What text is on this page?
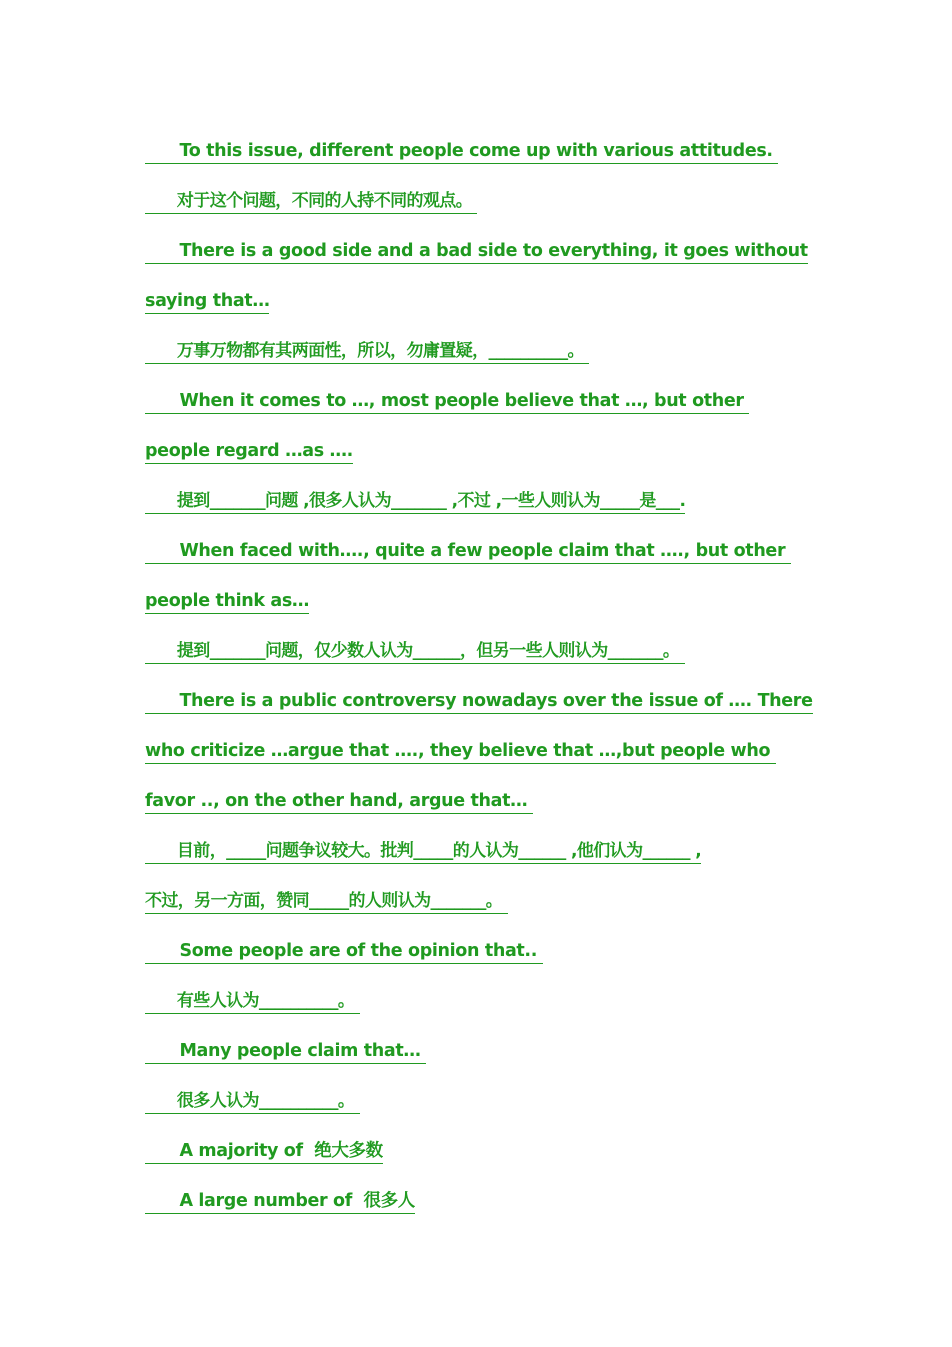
To this issue, different people come up with various attitudes.
对于这个问题，不同的人持不同的观点。
There is a good side and a bad side to everything, it goes without
saying that…
万事万物都有其两面性，所以，勿庸置疑，__________。
When it comes to …, most people believe that …, but other
people regard …as ….
提到_______问题 ,很多人认为_______ ,不过 ,一些人则认为_____是___.
When faced with…., quite a few people claim that …., but other
people think as…
提到_______问题，仅少数人认为______，但另一些人则认为_______。
There is a public controversy nowadays over the issue of …. There
who criticize …argue that …., they believe that …,but people who
favor .., on the other hand, argue that…
目前，_____问题争议较大。批判_____的人认为______ ,他们认为______ ,
不过，另一方面，赞同_____的人则认为_______。
Some people are of the opinion that..
有些人认为__________。
Many people claim that…
很多人认为__________。
A majority of  绝大多数
A large number of  很多人
